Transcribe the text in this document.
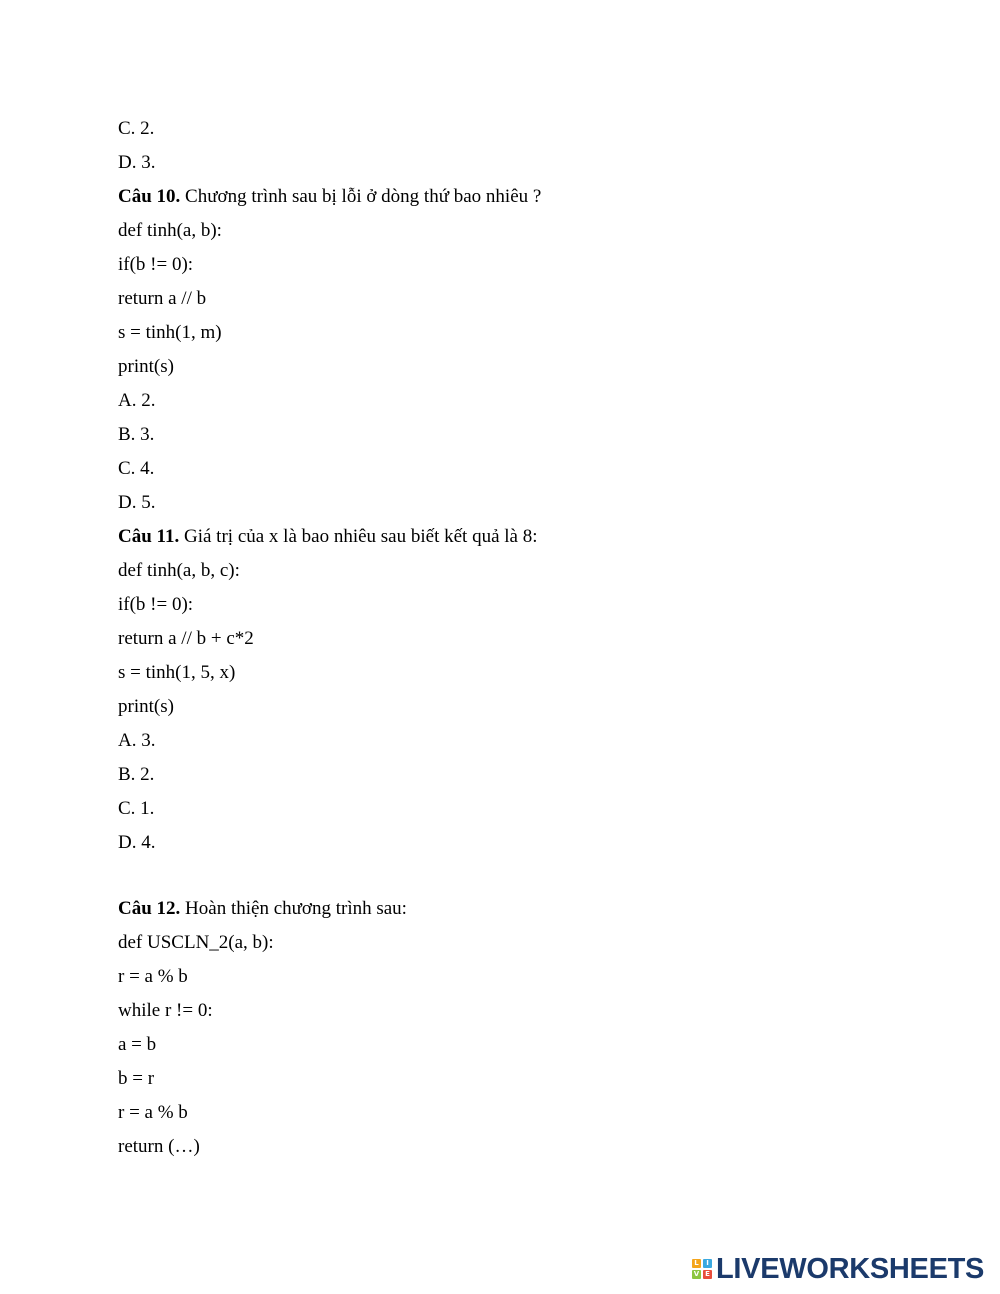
C. 2.
D. 3.
Câu 10. Chương trình sau bị lỗi ở dòng thứ bao nhiêu ?
def tinh(a, b):
if(b != 0):
return a // b
s = tinh(1, m)
print(s)
A. 2.
B. 3.
C. 4.
D. 5.
Câu 11. Giá trị của x là bao nhiêu sau biết kết quả là 8:
def tinh(a, b, c):
if(b != 0):
return a // b + c*2
s = tinh(1, 5, x)
print(s)
A. 3.
B. 2.
C. 1.
D. 4.
Câu 12. Hoàn thiện chương trình sau:
def USCLN_2(a, b):
r = a % b
while r != 0:
a = b
b = r
r = a % b
return (…)
L	I
V E LIVEWORKSHEETS
